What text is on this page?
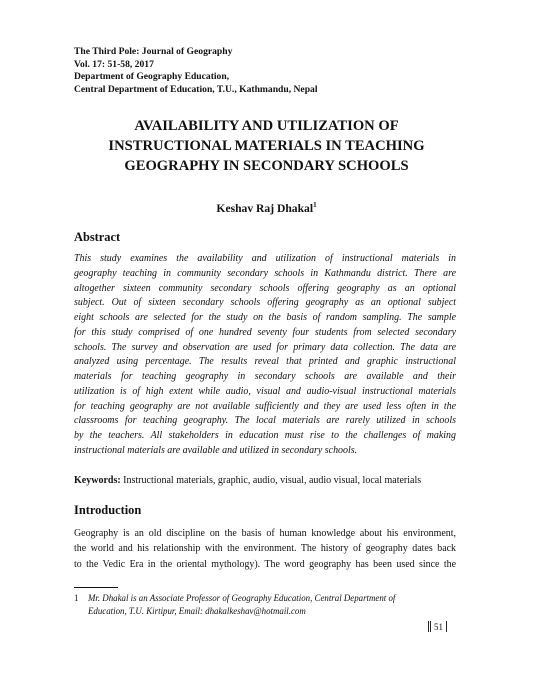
The Third Pole: Journal of Geography
Vol. 17: 51-58, 2017
Department of Geography Education,
Central Department of Education, T.U., Kathmandu, Nepal
AVAILABILITY AND UTILIZATION OF
INSTRUCTIONAL MATERIALS IN TEACHING
GEOGRAPHY IN SECONDARY SCHOOLS
Keshav Raj Dhakal$^1$
Abstract
This study examines the availability and utilization of instructional materials in
geography teaching in community secondary schools in Kathmandu district. There are
altogether sixteen community secondary schools offering geography as an optional
subject. Out of sixteen secondary schools offering geography as an optional subject
eight schools are selected for the study on the basis of random sampling. The sample
for this study comprised of one hundred seventy four students from selected secondary
schools. The survey and observation are used for primary data collection. The data are
analyzed using percentage. The results reveal that printed and graphic instructional
materials for teaching geography in secondary schools are available and their
utilization is of high extent while audio, visual and audio-visual instructional materials
for teaching geography are not available sufficiently and they are used less often in the
classrooms for teaching geography. The local materials are rarely utilized in schools
by the teachers. All stakeholders in education must rise to the challenges of making
instructional materials are available and utilized in secondary schools.
Keywords: Instructional materials, graphic, audio, visual, audio visual, local materials
Introduction
Geography is an old discipline on the basis of human knowledge about his environment,
the world and his relationship with the environment. The history of geography dates back
to the Vedic Era in the oriental mythology). The word geography has been used since the
1 Mr. Dhakal is an Associate Professor of Geography Education, Central Department of
Education, T.U. Kirtipur, Email: dhakalkeshav@hotmail.com
51
